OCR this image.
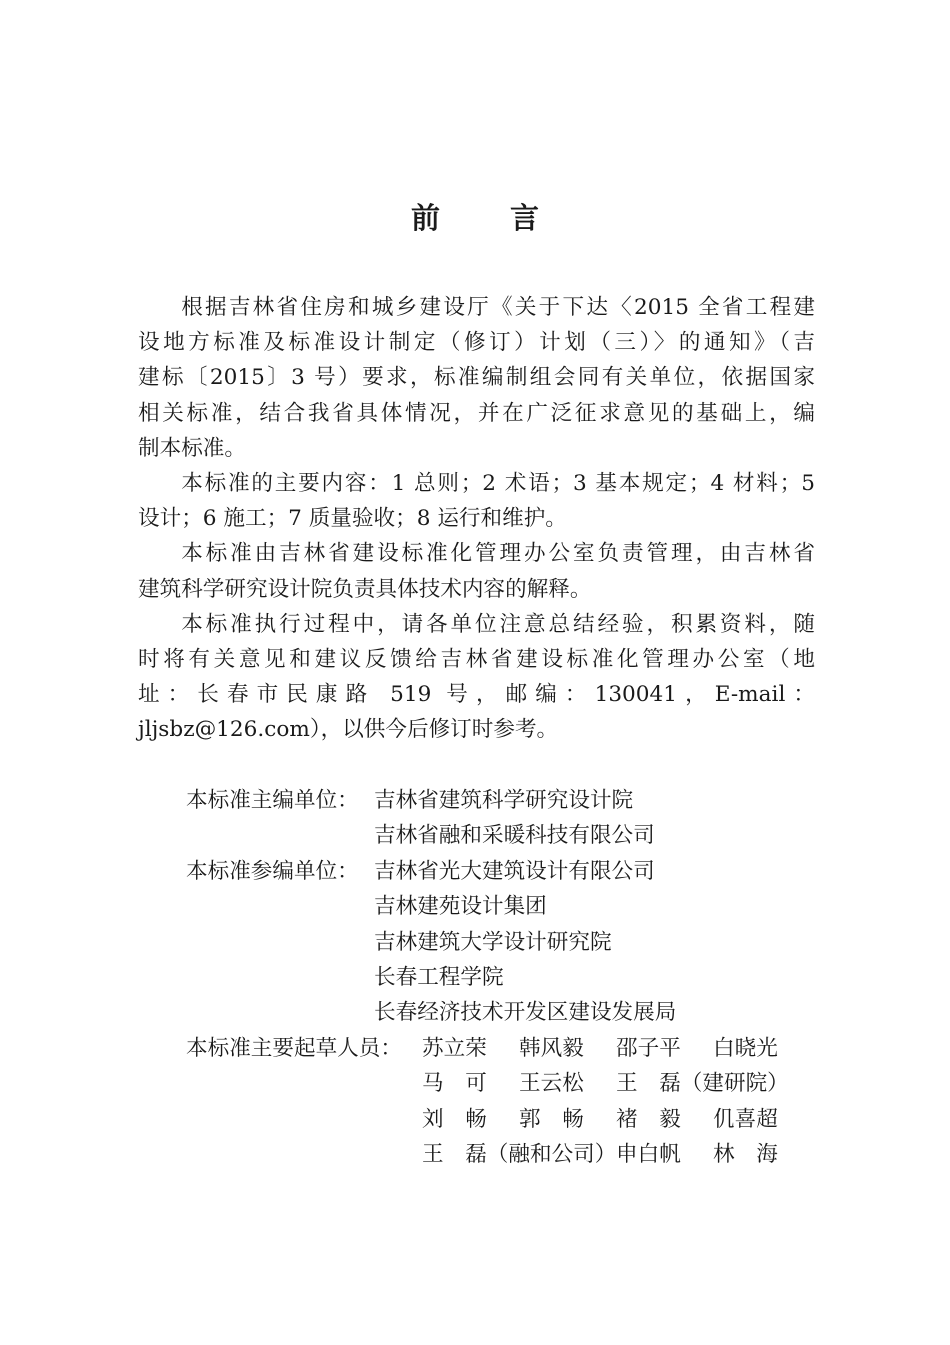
前 言

根据吉林省住房和城乡建设厅《关于下达〈2015 全省工程建
设地方标准及标准设计制定（修订）计划（三）〉的通知》（吉
建标〔2015〕3 号）要求，标准编制组会同有关单位，依据国家
相关标准，结合我省具体情况，并在广泛征求意见的基础上，编
制本标准。

本标准的主要内容：1 总则；2 术语；3 基本规定；4 材料；5
设计；6 施工；7 质量验收；8 运行和维护。

本标准由吉林省建设标准化管理办公室负责管理，由吉林省
建筑科学研究设计院负责具体技术内容的解释。

本标准执行过程中，请各单位注意总结经验，积累资料，随
时将有关意见和建议反馈给吉林省建设标准化管理办公室（地
址：长春市民康路 519 号，邮编：130041，E-mail：
jljsbz@126.com），以供今后修订时参考。

本标准主编单位： 吉林省建筑科学研究设计院
吉林省融和采暖科技有限公司
本标准参编单位： 吉林省光大建筑设计有限公司
吉林建苑设计集团
吉林建筑大学设计研究院
长春工程学院
长春经济技术开发区建设发展局
本标准主要起草人员： 苏立荣	韩风毅	邵子平	白晓光
马　可	王云松	王　磊（建研院）
刘　畅	郭　畅	褚　毅	仉喜超
王　磊（融和公司） 申白帆	林　海
